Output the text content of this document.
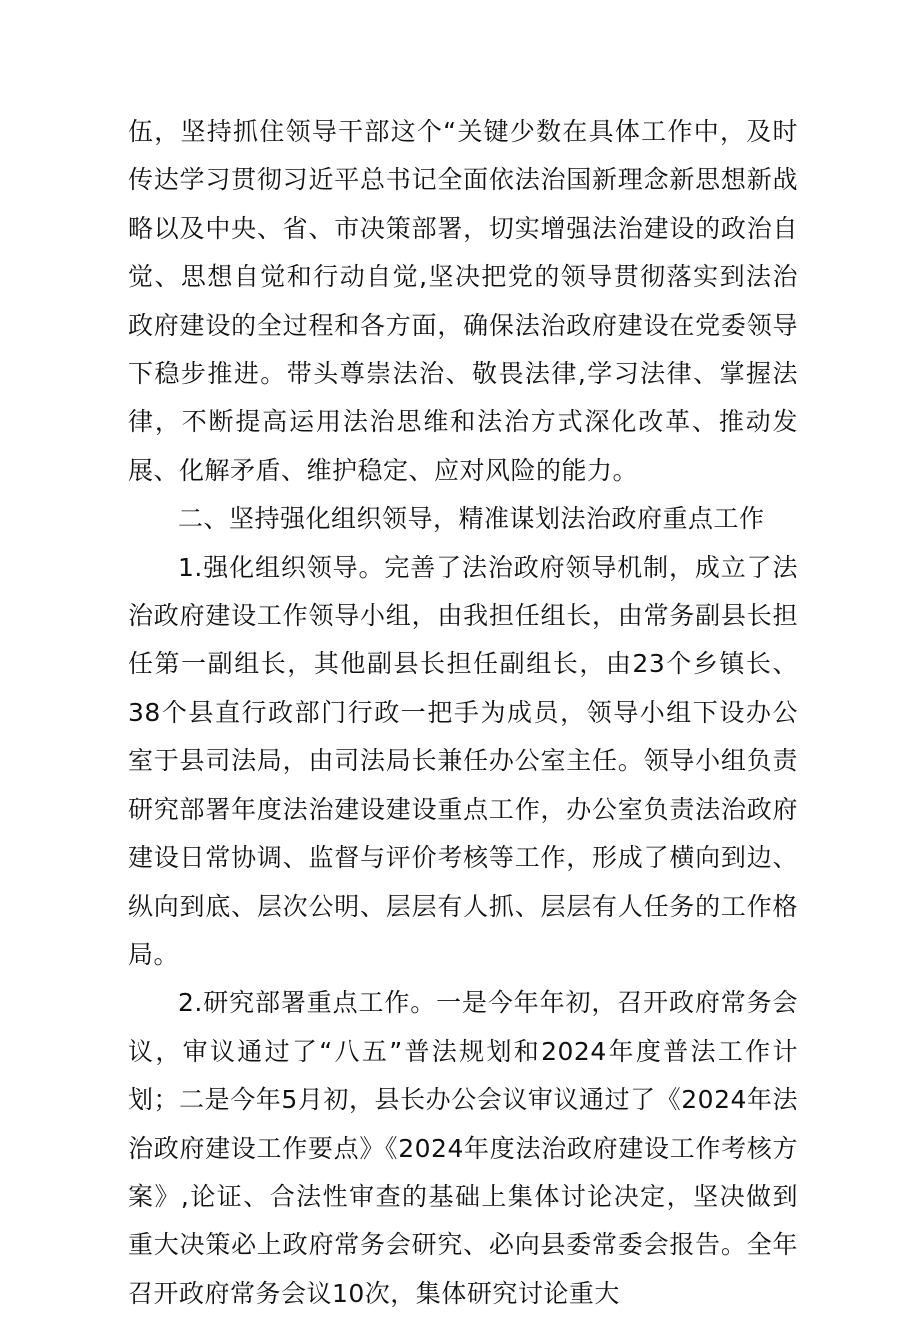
伍，坚持抓住领导干部这个“关键少数在具体工作中，及时传达学习贯彻习近平总书记全面依法治国新理念新思想新战略以及中央、省、市决策部署，切实增强法治建设的政治自觉、思想自觉和行动自觉,坚决把党的领导贯彻落实到法治政府建设的全过程和各方面，确保法治政府建设在党委领导下稳步推进。带头尊崇法治、敬畏法律,学习法律、掌握法律，不断提高运用法治思维和法治方式深化改革、推动发展、化解矛盾、维护稳定、应对风险的能力。

二、坚持强化组织领导，精准谋划法治政府重点工作

1.强化组织领导。完善了法治政府领导机制，成立了法治政府建设工作领导小组，由我担任组长，由常务副县长担任第一副组长，其他副县长担任副组长，由23个乡镇长、38个县直行政部门行政一把手为成员，领导小组下设办公室于县司法局，由司法局长兼任办公室主任。领导小组负责研究部署年度法治建设建设重点工作，办公室负责法治政府建设日常协调、监督与评价考核等工作，形成了横向到边、纵向到底、层次公明、层层有人抓、层层有人任务的工作格局。

2.研究部署重点工作。一是今年年初，召开政府常务会议，审议通过了“八五”普法规划和2024年度普法工作计划；二是今年5月初，县长办公会议审议通过了《2024年法治政府建设工作要点》《2024年度法治政府建设工作考核方案》,论证、合法性审查的基础上集体讨论决定，坚决做到重大决策必上政府常务会研究、必向县委常委会报告。全年召开政府常务会议10次，集体研究讨论重大
